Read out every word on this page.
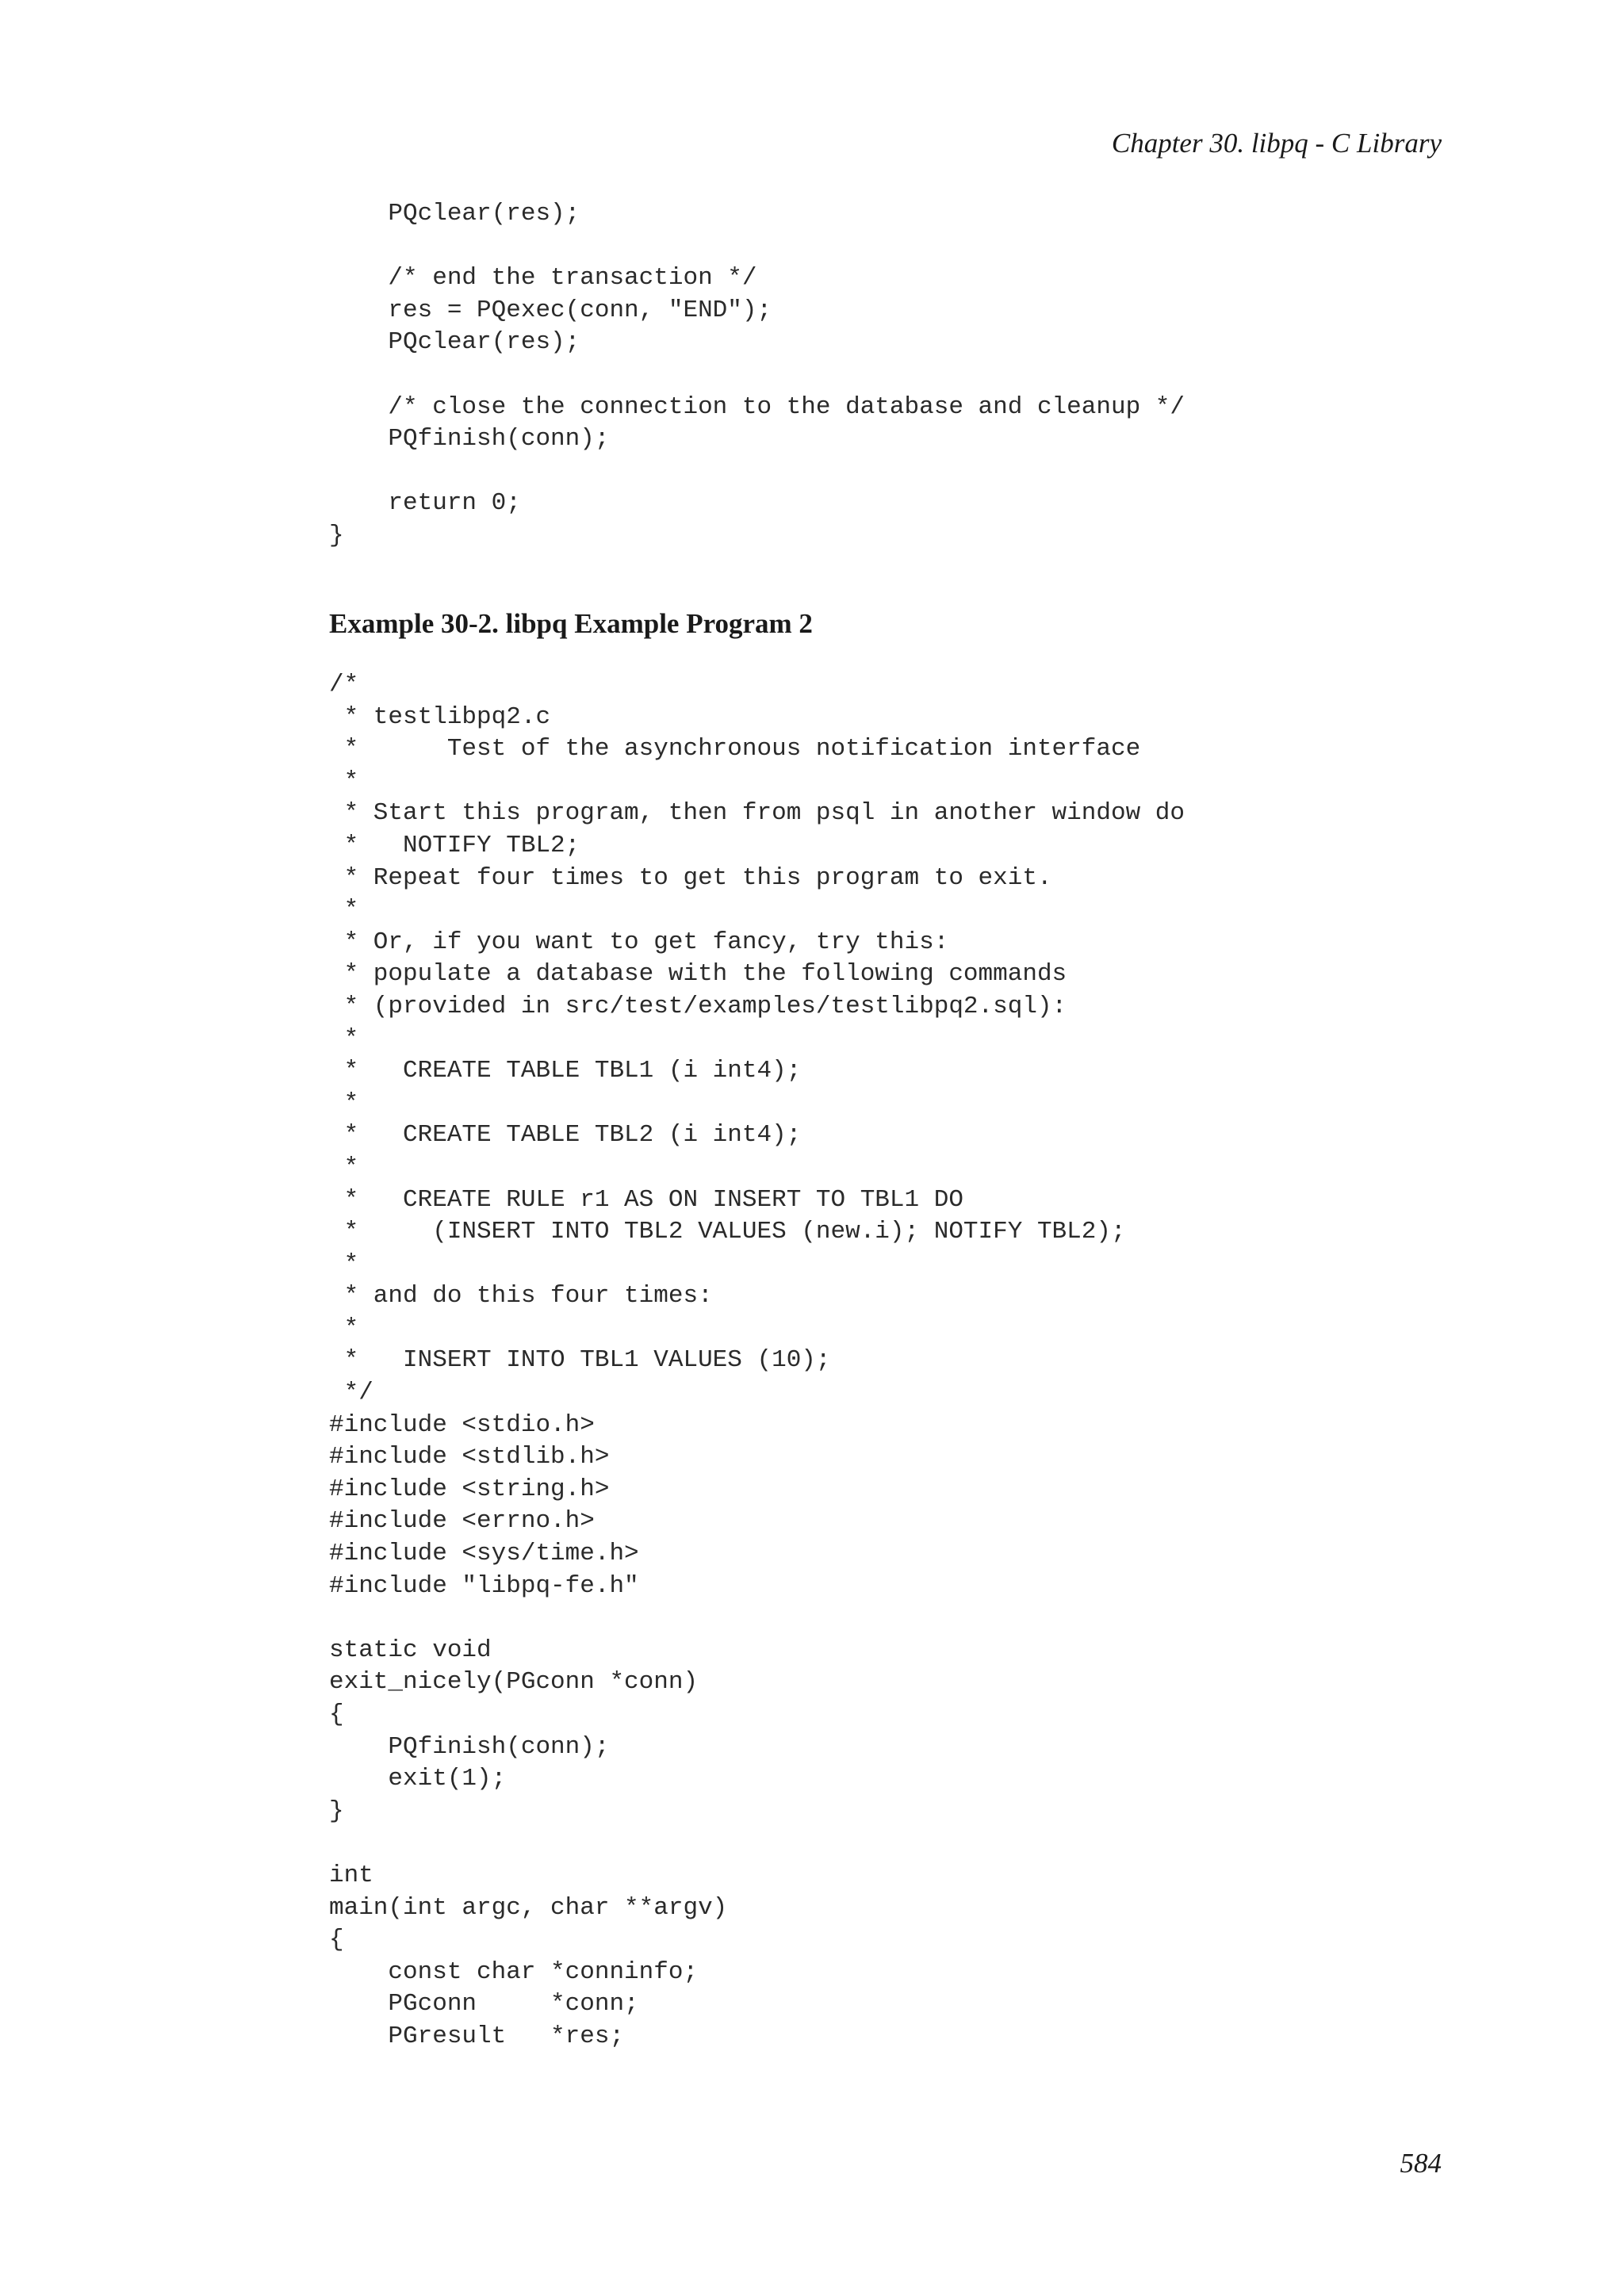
Chapter 30. libpq - C Library
PQclear(res);

/* end the transaction */
res = PQexec(conn, "END");
PQclear(res);

/* close the connection to the database and cleanup */
PQfinish(conn);

return 0;
}
Example 30-2. libpq Example Program 2
/*
* testlibpq2.c
*      Test of the asynchronous notification interface
*
* Start this program, then from psql in another window do
*   NOTIFY TBL2;
* Repeat four times to get this program to exit.
*
* Or, if you want to get fancy, try this:
* populate a database with the following commands
* (provided in src/test/examples/testlibpq2.sql):
*
*   CREATE TABLE TBL1 (i int4);
*
*   CREATE TABLE TBL2 (i int4);
*
*   CREATE RULE r1 AS ON INSERT TO TBL1 DO
*     (INSERT INTO TBL2 VALUES (new.i); NOTIFY TBL2);
*
* and do this four times:
*
*   INSERT INTO TBL1 VALUES (10);
*/
#include <stdio.h>
#include <stdlib.h>
#include <string.h>
#include <errno.h>
#include <sys/time.h>
#include "libpq-fe.h"

static void
exit_nicely(PGconn *conn)
{
PQfinish(conn);
exit(1);
}

int
main(int argc, char **argv)
{
const char *conninfo;
PGconn     *conn;
PGresult   *res;
584
